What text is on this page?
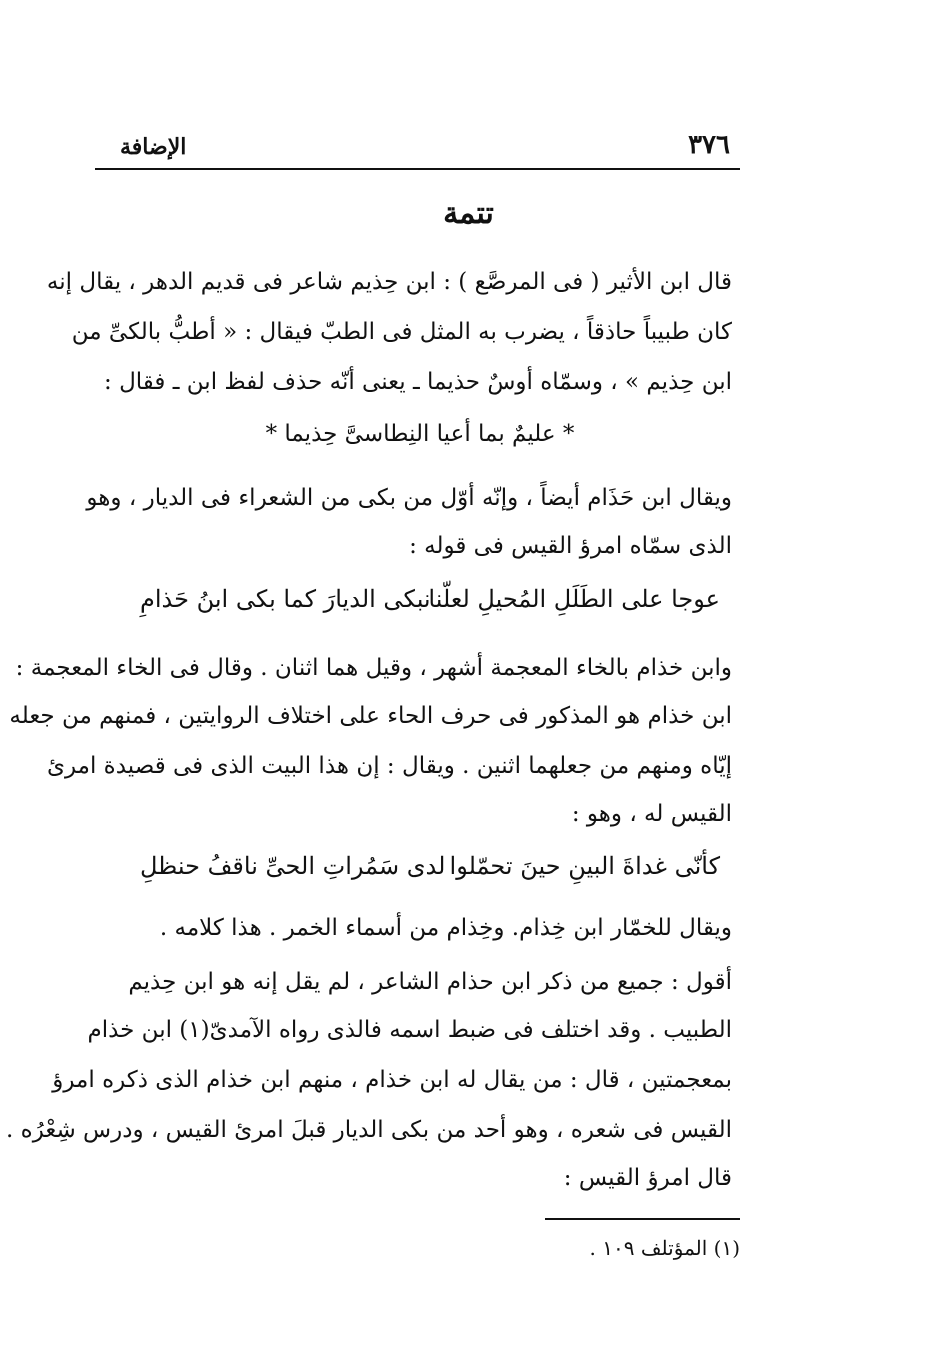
الإضافة	٣٧٦
تتمة
قال ابن الأثير ( فى المرصَّع ) : ابن حِذيم شاعر فى قديم الدهر ، يقال إنه
كان طبيباً حاذقاً ، يضرب به المثل فى الطبّ فيقال : « أطبُّ بالكىِّ من
ابن حِذيم » ، وسمّاه أوسٌ حذيما ـ يعنى أنّه حذف لفظ ابن ـ فقال :
* عليمٌ بما أعيا النِطاسىَّ حِذيما *
ويقال ابن حَذَام أيضاً ، وإنّه أوّل من بكى من الشعراء فى الديار ، وهو
الذى سمّاه امرؤ القيس فى قوله :
عوجا على الطَلَلِ المُحيلِ لعلّنا
نبكى الديارَ كما بكى ابنُ حَذامِ
وابن خذام بالخاء المعجمة أشهر ، وقيل هما اثنان . وقال فى الخاء المعجمة :
ابن خذام هو المذكور فى حرف الحاء على اختلاف الروايتين ، فمنهم من جعله
إيّاه ومنهم من جعلهما اثنين . ويقال : إن هذا البيت الذى فى قصيدة امرئ
القيس له ، وهو :
كأنّى غداةَ البينِ حينَ تحمّلوا
لدى سَمُراتِ الحىِّ ناقفُ حنظلِ
ويقال للخمّار ابن خِذام. وخِذام من أسماء الخمر . هذا كلامه .
أقول : جميع من ذكر ابن حذام الشاعر ، لم يقل إنه هو ابن حِذيم
الطبيب . وقد اختلف فى ضبط اسمه فالذى رواه الآمدىّ(١) ابن خذام
بمعجمتين ، قال : من يقال له ابن خذام ، منهم ابن خذام الذى ذكره امرؤ
القيس فى شعره ، وهو أحد من بكى الديار قبلَ امرئ القيس ، ودرس شِعْرُه .
قال امرؤ القيس :
(١) المؤتلف ١٠٩ .
